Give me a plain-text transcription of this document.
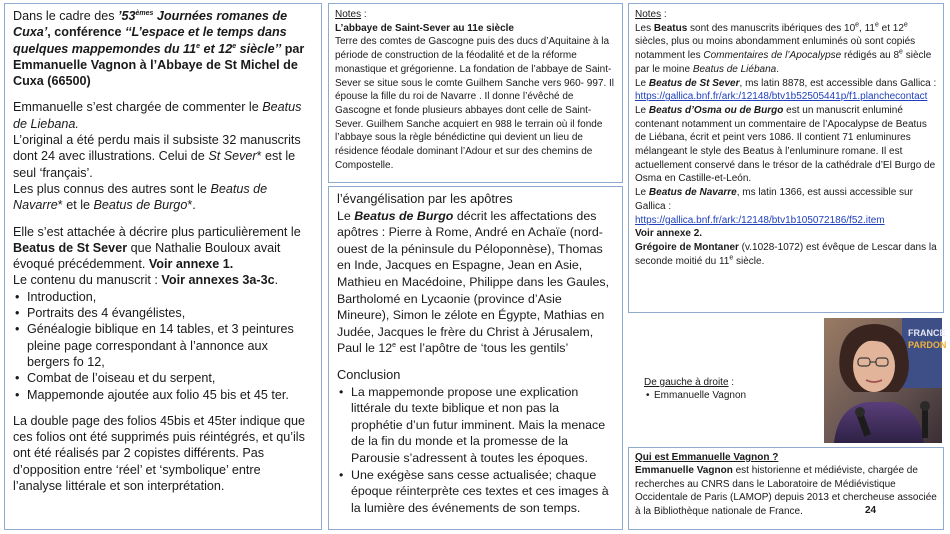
Dans le cadre des ’53èmes Journées romanes de Cuxa’, conférence ‘‘L’espace et le temps dans quelques mappemondes du 11e et 12e siècle’’ par Emmanuelle Vagnon à l’Abbaye de St Michel de Cuxa (66500)

Emmanuelle s’est chargée de commenter le Beatus de Liebana.

L’original a été perdu mais il subsiste 32 manuscrits dont 24 avec illustrations. Celui de St Sever* est le seul ‘français’.

Les plus connus des autres sont le Beatus de Navarre* et le Beatus de Burgo*.

Elle s’est attachée à décrire plus particulièrement le Beatus de St Sever que Nathalie Bouloux avait évoqué précédemment. Voir annexe 1.

Le contenu du manuscrit : Voir annexes 3a-3c.

• Introduction,
• Portraits des 4 évangélistes,
• Généalogie biblique en 14 tables, et 3 peintures pleine page correspondant à l’annonce aux bergers fo 12,
• Combat de l’oiseau et du serpent,
• Mappemonde ajoutée aux folio 45 bis et 45 ter.

La double page des folios 45bis et 45ter indique que ces folios ont été supprimés puis réintégrés, et qu’ils ont été réalisés par 2 copistes différents. Pas d’opposition entre ‘réel’ et ‘symbolique’ entre l’analyse littérale et son interprétation.

Notes :

L’abbaye de Saint-Sever au 11e siècle

Terre des comtes de Gascogne puis des ducs d’Aquitaine à la période de construction de la féodalité et de la réforme monastique et grégorienne. La fondation de l’abbaye de Saint-Sever se situe sous le comte Guilhem Sanche vers 960- 997. Il épouse la fille du roi de Navarre . Il donne l’évêché de Gascogne et fonde plusieurs abbayes dont celle de Saint-Sever. Guilhem Sanche acquiert en 988 le terrain où il fonde l’abbaye sous la règle bénédictine qui devient un lieu de résidence féodale dominant l’Adour et sur des chemins de Compostelle.

l’évangélisation par les apôtres

Le Beatus de Burgo décrit les affectations des apôtres : Pierre à Rome, André en Achaïe (nord-ouest de la péninsule du Péloponnèse), Thomas en Inde, Jacques en Espagne, Jean en Asie, Mathieu en Macédoine, Philippe dans les Gaules, Bartholomé en Lycaonie (province d’Asie Mineure), Simon le zélote en Égypte, Mathias en Judée, Jacques le frère du Christ à Jérusalem, Paul le 12e est l’apôtre de ‘tous les gentils’

Conclusion

• La mappemonde propose une explication littérale du texte biblique et non pas la prophétie d’un futur imminent. Mais la menace de la fin du monde et la promesse de la Parousie s’adressent à toutes les époques.
• Une exégèse sans cesse actualisée; chaque époque réinterprète ces textes et ces images à la lumière des événements de son temps.

Notes :

Les Beatus sont des manuscrits ibériques des 10e, 11e et 12e siècles, plus ou moins abondamment enluminés où sont copiés notamment les Commentaires de l’Apocalypse rédigés au 8e siècle par le moine Beatus de Liébana.

Le Beatus de St Sever, ms latin 8878, est accessible dans Gallica :

https://gallica.bnf.fr/ark:/12148/btv1b52505441p/f1.planchecontact

Le Beatus d’Osma ou de Burgo est un manuscrit enluminé contenant notamment un commentaire de l’Apocalypse de Beatus de Liébana, écrit et peint vers 1086. Il contient 71 enluminures mélangeant le style des Beatus à l’enluminure romane. Il est actuellement conservé dans le trésor de la cathédrale d’El Burgo de Osma en Castille-et-León.

Le Beatus de Navarre, ms latin 1366, est aussi accessible sur Gallica :

https://gallica.bnf.fr/ark:/12148/btv1b105072186/f52.item

Voir annexe 2.

Grégoire de Montaner (v.1028-1072) est évêque de Lescar dans la seconde moitié du 11e siècle.

De gauche à droite :

• Emmanuelle Vagnon
FRANCE
PARDON

Qui est Emmanuelle Vagnon ?

Emmanuelle Vagnon est historienne et médiéviste, chargée de recherches au CNRS dans le Laboratoire de Médiévistique Occidentale de Paris (LAMOP) depuis 2013 et chercheuse associée à la Bibliothèque nationale de France.	24
